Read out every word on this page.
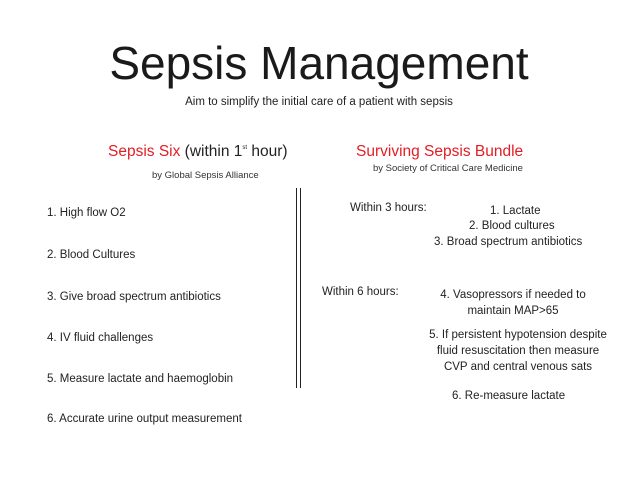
Sepsis Management
Aim to simplify the initial care of a patient with sepsis
Sepsis Six (within 1st hour)
by Global Sepsis Alliance
1. High flow O2
2. Blood Cultures
3. Give broad spectrum antibiotics
4. IV fluid challenges
5. Measure lactate and haemoglobin
6. Accurate urine output measurement
Surviving Sepsis Bundle
by Society of Critical Care Medicine
Within 3 hours:	1. Lactate
2. Blood cultures
3. Broad spectrum antibiotics
Within 6 hours:	4. Vasopressors if needed to
maintain MAP>65
5. If persistent hypotension despite
fluid resuscitation then measure
CVP and central venous sats
6. Re-measure lactate
